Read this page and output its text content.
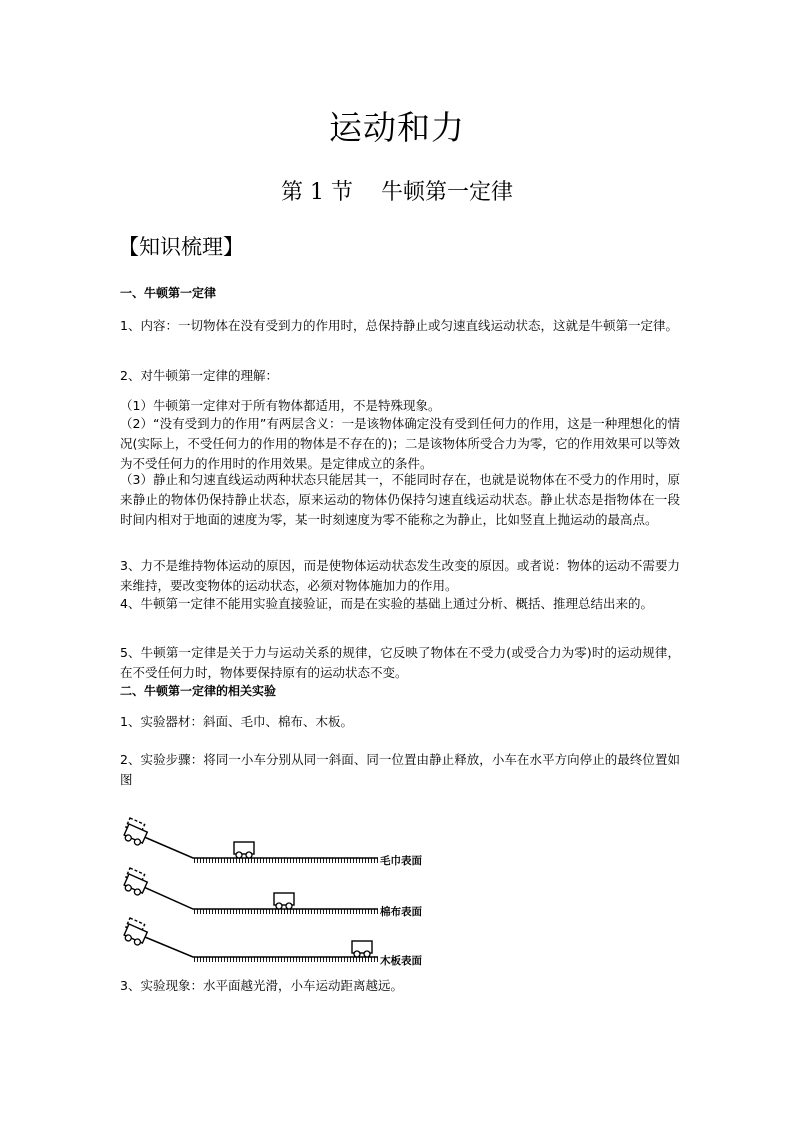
运动和力
第 1 节    牛顿第一定律
【知识梳理】

一、牛顿第一定律

1、内容：一切物体在没有受到力的作用时，总保持静止或匀速直线运动状态，这就是牛顿第一定律。

2、对牛顿第一定律的理解：

（1）牛顿第一定律对于所有物体都适用，不是特殊现象。

（2）“没有受到力的作用”有两层含义：一是该物体确定没有受到任何力的作用，这是一种理想化的情况(实际上，不受任何力的作用的物体是不存在的)；二是该物体所受合力为零，它的作用效果可以等效为不受任何力的作用时的作用效果。是定律成立的条件。

（3）静止和匀速直线运动两种状态只能居其一，不能同时存在，也就是说物体在不受力的作用时，原来静止的物体仍保持静止状态，原来运动的物体仍保持匀速直线运动状态。静止状态是指物体在一段时间内相对于地面的速度为零，某一时刻速度为零不能称之为静止，比如竖直上抛运动的最高点。

3、力不是维持物体运动的原因，而是使物体运动状态发生改变的原因。或者说：物体的运动不需要力来维持，要改变物体的运动状态，必须对物体施加力的作用。

4、牛顿第一定律不能用实验直接验证，而是在实验的基础上通过分析、概括、推理总结出来的。

5、牛顿第一定律是关于力与运动关系的规律，它反映了物体在不受力(或受合力为零)时的运动规律，在不受任何力时，物体要保持原有的运动状态不变。

二、牛顿第一定律的相关实验

1、实验器材：斜面、毛巾、棉布、木板。

2、实验步骤：将同一小车分别从同一斜面、同一位置由静止释放，小车在水平方向停止的最终位置如图

毛巾表面
棉布表面
木板表面

3、实验现象：水平面越光滑，小车运动距离越远。
